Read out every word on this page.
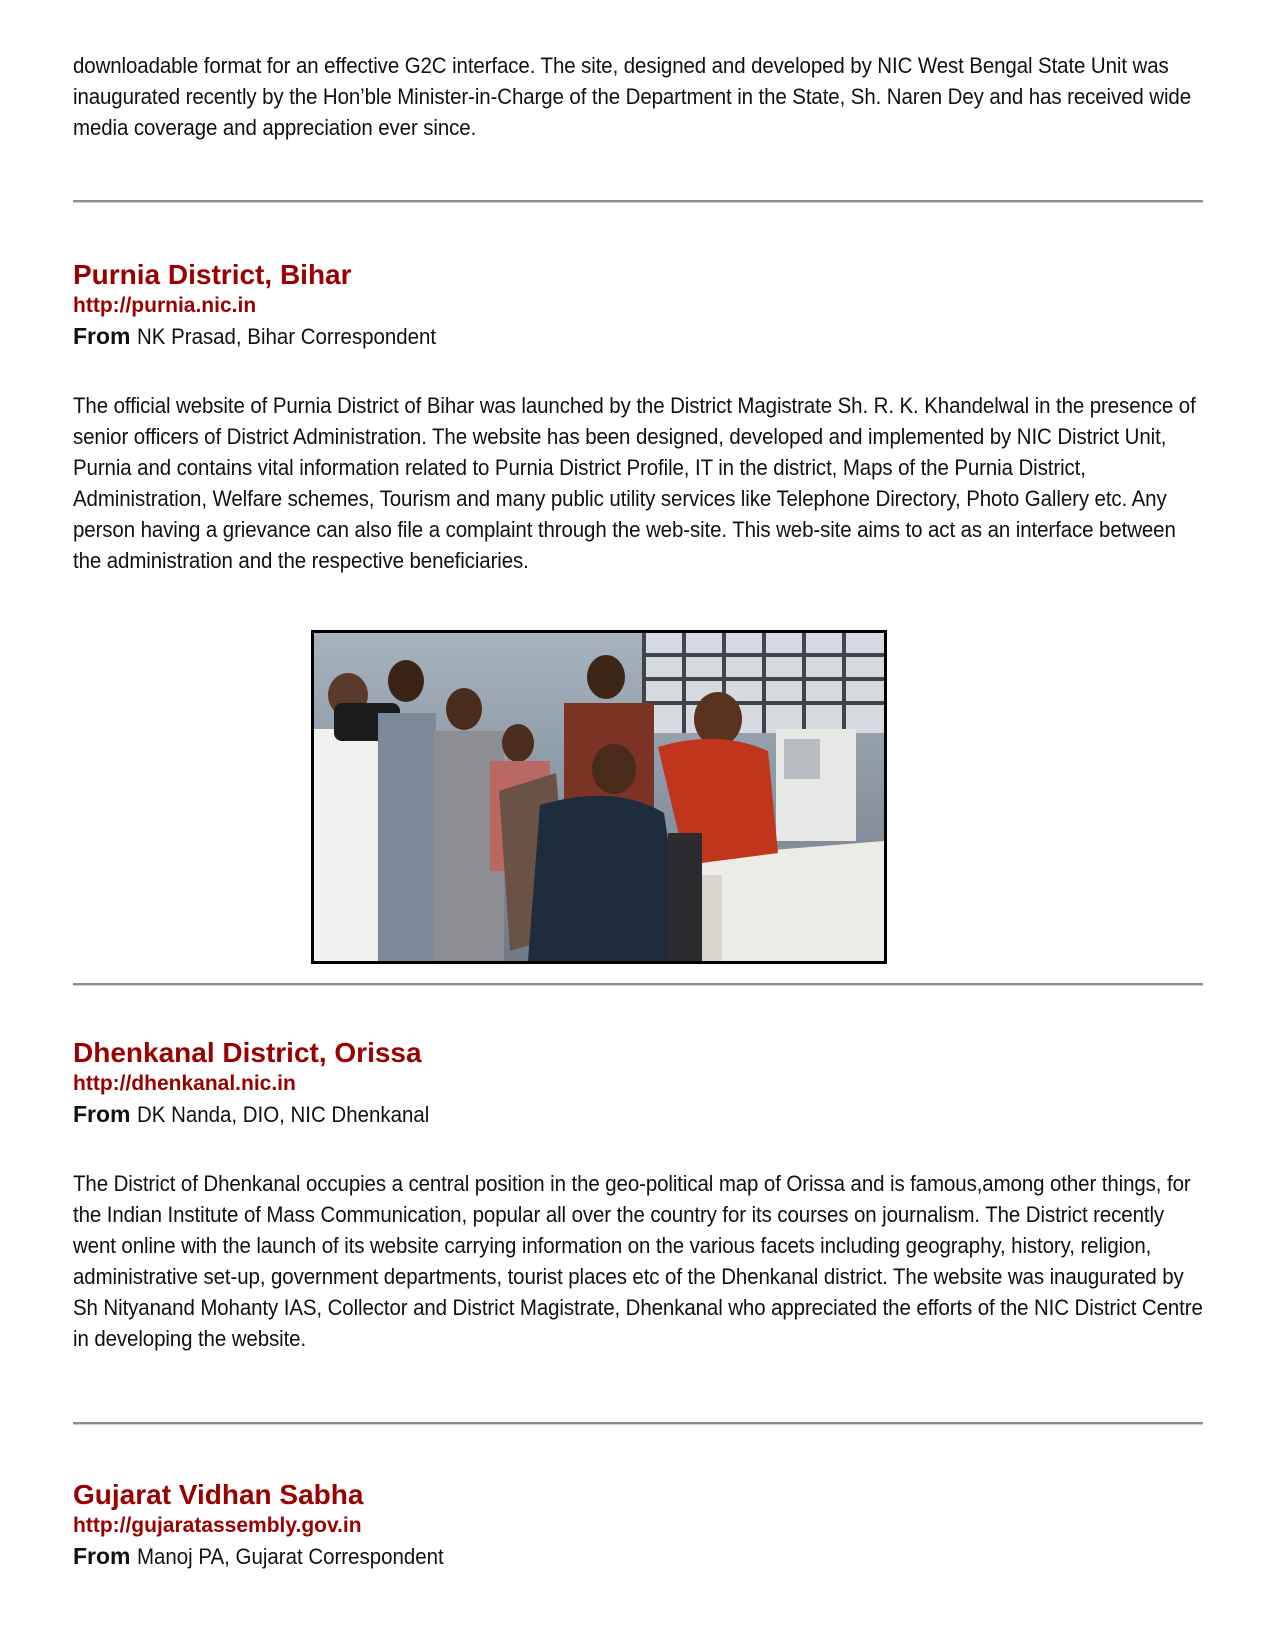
downloadable format for an effective G2C interface. The site, designed and developed by NIC West Bengal State Unit was inaugurated recently by the Hon’ble Minister-in-Charge of the Department in the State, Sh. Naren Dey and has received wide media coverage and appreciation ever since.

Purnia District, Bihar

http://purnia.nic.in

From NK Prasad, Bihar Correspondent

The official website of Purnia District of Bihar was launched by the District Magistrate Sh. R. K. Khandelwal in the presence of senior officers of District Administration. The website has been designed, developed and implemented by NIC District Unit, Purnia and contains vital information related to Purnia District Profile, IT in the district, Maps of the Purnia District, Administration, Welfare schemes, Tourism and many public utility services like Telephone Directory, Photo Gallery etc. Any person having a grievance can also file a complaint through the web-site. This web-site aims to act as an interface between the administration and the respective beneficiaries.

Dhenkanal District, Orissa

http://dhenkanal.nic.in

From DK Nanda, DIO, NIC Dhenkanal

The District of Dhenkanal occupies a central position in the geo-political map of Orissa and is famous,among other things, for the Indian Institute of Mass Communication, popular all over the country for its courses on journalism. The District recently went online with the launch of its website carrying information on the various facets including geography, history, religion, administrative set-up, government departments, tourist places etc of the Dhenkanal district. The website was inaugurated by Sh Nityanand Mohanty IAS, Collector and District Magistrate, Dhenkanal who appreciated the efforts of the NIC District Centre in developing the website.

Gujarat Vidhan Sabha

http://gujaratassembly.gov.in

From Manoj PA, Gujarat Correspondent
